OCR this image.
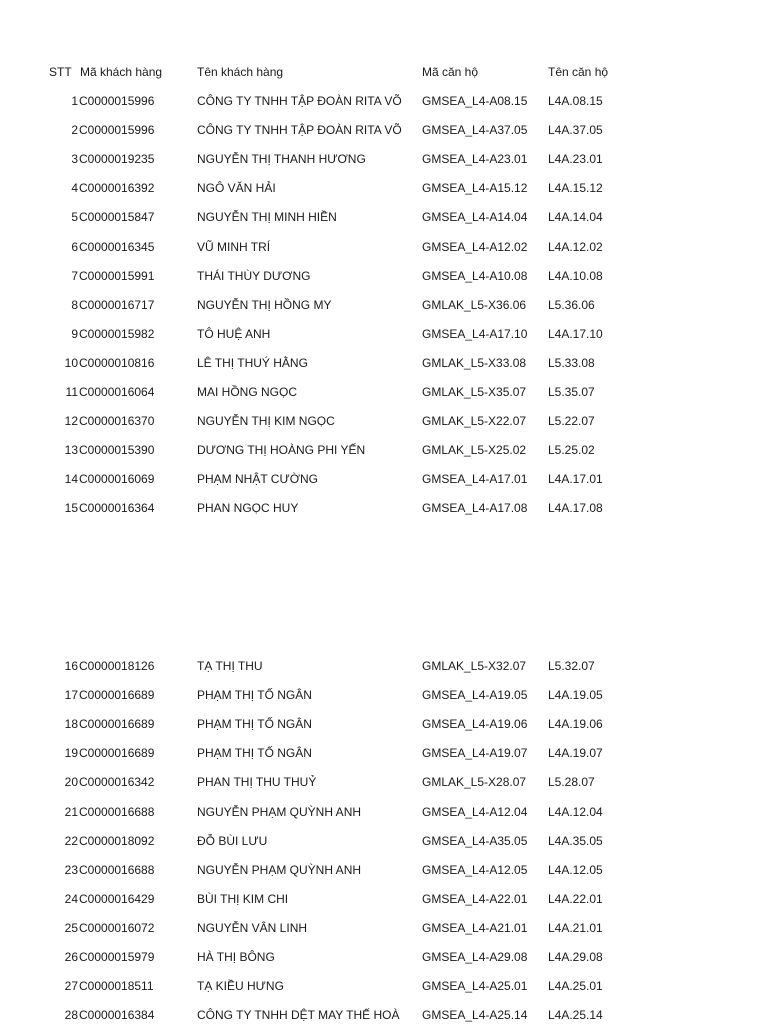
STT Mã khách hàng	Tên khách hàng	Mã căn hộ	Tên căn hộ
1 C0000015996	CÔNG TY TNHH TẬP ĐOÀN RITA VÕ GMSEA_L4-A08.15 L4A.08.15
2 C0000015996	CÔNG TY TNHH TẬP ĐOÀN RITA VÕ GMSEA_L4-A37.05 L4A.37.05
3 C0000019235	NGUYỄN THỊ THANH HƯƠNG	GMSEA_L4-A23.01 L4A.23.01
4 C0000016392	NGÔ VĂN HẢI	GMSEA_L4-A15.12 L4A.15.12
5 C0000015847	NGUYỄN THỊ MINH HIỀN	GMSEA_L4-A14.04 L4A.14.04
6 C0000016345	VŨ MINH TRÍ	GMSEA_L4-A12.02 L4A.12.02
7 C0000015991	THÁI THÙY DƯƠNG	GMSEA_L4-A10.08 L4A.10.08
8 C0000016717	NGUYỄN THỊ HỒNG MY	GMLAK_L5-X36.06 L5.36.06
9 C0000015982	TÔ HUỆ ANH	GMSEA_L4-A17.10 L4A.17.10
10 C0000010816	LÊ THỊ THUÝ HẰNG	GMLAK_L5-X33.08 L5.33.08
11 C0000016064	MAI HỒNG NGỌC	GMLAK_L5-X35.07 L5.35.07
12 C0000016370	NGUYỄN THỊ KIM NGỌC	GMLAK_L5-X22.07 L5.22.07
13 C0000015390	DƯƠNG THỊ HOÀNG PHI YẾN	GMLAK_L5-X25.02 L5.25.02
14 C0000016069	PHẠM NHẬT CƯỜNG	GMSEA_L4-A17.01 L4A.17.01
15 C0000016364	PHAN NGỌC HUY	GMSEA_L4-A17.08 L4A.17.08
16 C0000018126	TẠ THỊ THU	GMLAK_L5-X32.07 L5.32.07
17 C0000016689	PHẠM THỊ TỐ NGÂN	GMSEA_L4-A19.05 L4A.19.05
18 C0000016689	PHẠM THỊ TỐ NGÂN	GMSEA_L4-A19.06 L4A.19.06
19 C0000016689	PHẠM THỊ TỐ NGÂN	GMSEA_L4-A19.07 L4A.19.07
20 C0000016342	PHAN THỊ THU THUỶ	GMLAK_L5-X28.07 L5.28.07
21 C0000016688	NGUYỄN PHẠM QUỲNH ANH	GMSEA_L4-A12.04 L4A.12.04
22 C0000018092	ĐỖ BÙI LƯU	GMSEA_L4-A35.05 L4A.35.05
23 C0000016688	NGUYỄN PHẠM QUỲNH ANH	GMSEA_L4-A12.05 L4A.12.05
24 C0000016429	BÙI THỊ KIM CHI	GMSEA_L4-A22.01 L4A.22.01
25 C0000016072	NGUYỄN VÂN LINH	GMSEA_L4-A21.01 L4A.21.01
26 C0000015979	HÀ THỊ BÔNG	GMSEA_L4-A29.08 L4A.29.08
27 C0000018511	TẠ KIỀU HƯNG	GMSEA_L4-A25.01 L4A.25.01
28 C0000016384	CÔNG TY TNHH DỆT MAY THẾ HOÀ GMSEA_L4-A25.14 L4A.25.14
